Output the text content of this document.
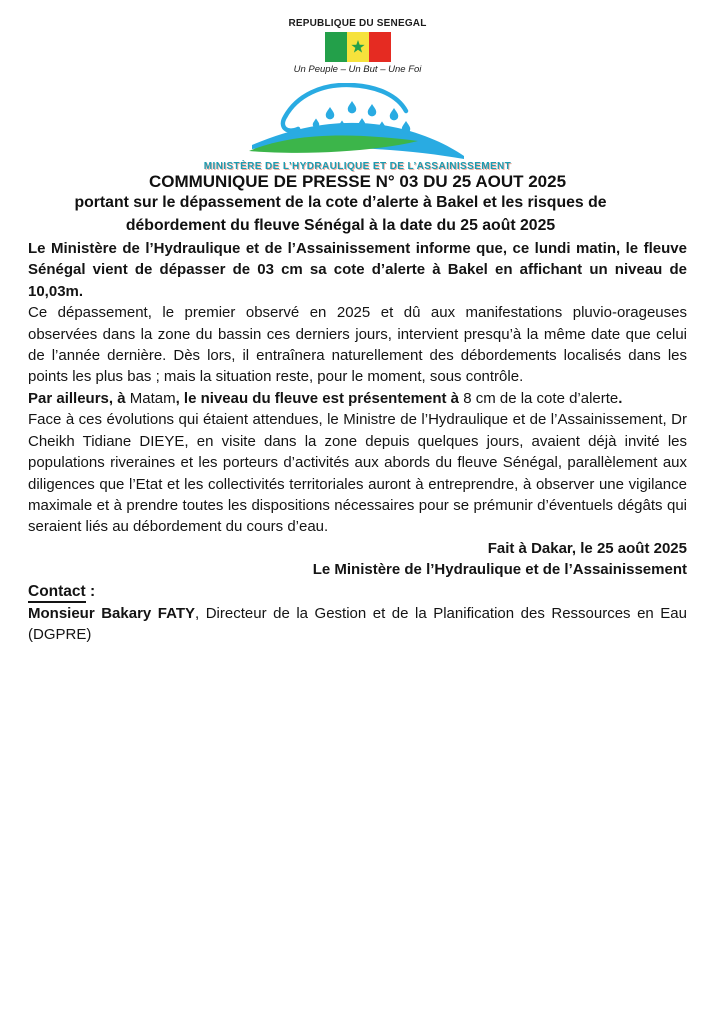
REPUBLIQUE DU SENEGAL
Un Peuple – Un But – Une Foi
MINISTÈRE DE L’HYDRAULIQUE ET DE L’ASSAINISSEMENT
COMMUNIQUE DE PRESSE N° 03 DU 25 AOUT 2025
portant sur le dépassement de la cote d’alerte à Bakel et les risques de débordement du fleuve Sénégal à la date du 25 août 2025

Le Ministère de l’Hydraulique et de l’Assainissement informe que, ce lundi matin, le fleuve Sénégal vient de dépasser de 03 cm sa cote d’alerte à Bakel en affichant un niveau de 10,03m.

Ce dépassement, le premier observé en 2025 et dû aux manifestations pluvio-orageuses observées dans la zone du bassin ces derniers jours, intervient presqu’à la même date que celui de l’année dernière. Dès lors, il entraînera naturellement des débordements localisés dans les points les plus bas ; mais la situation reste, pour le moment, sous contrôle.

Par ailleurs, à Matam, le niveau du fleuve est présentement à 8 cm de la cote d’alerte.

Face à ces évolutions qui étaient attendues, le Ministre de l’Hydraulique et de l’Assainissement, Dr Cheikh Tidiane DIEYE, en visite dans la zone depuis quelques jours, avaient déjà invité les populations riveraines et les porteurs d’activités aux abords du fleuve Sénégal, parallèlement aux diligences que l’Etat et les collectivités territoriales auront à entreprendre, à observer une vigilance maximale et à prendre toutes les dispositions nécessaires pour se prémunir d’éventuels dégâts qui seraient liés au débordement du cours d’eau.

Fait à Dakar, le 25 août 2025

Le Ministère de l’Hydraulique et de l’Assainissement

Contact :

Monsieur Bakary FATY, Directeur de la Gestion et de la Planification des Ressources en Eau (DGPRE)
